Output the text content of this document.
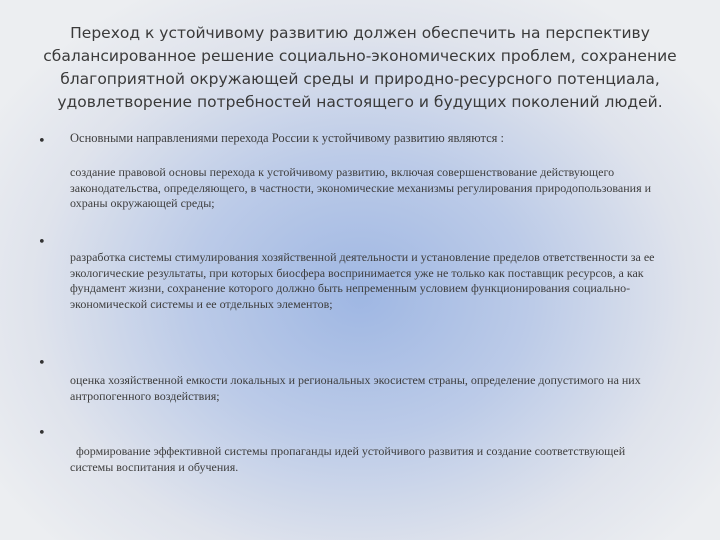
Переход к устойчивому развитию должен обеспечить на перспективу сбалансированное решение социально-экономических проблем, сохранение благоприятной окружающей среды и природно-ресурсного потенциала, удовлетворение потребностей настоящего и будущих поколений людей.
• Основными направлениями перехода России к устойчивому развитию являются :

создание правовой основы перехода к устойчивому развитию, включая совершенствование действующего законодательства, определяющего, в частности, экономические механизмы регулирования природопользования и охраны окружающей среды;

•

разработка системы стимулирования хозяйственной деятельности и установление пределов ответственности за ее экологические результаты, при которых биосфера воспринимается уже не только как поставщик ресурсов, а как фундамент жизни, сохранение которого должно быть непременным условием функционирования социально-экономической системы и ее отдельных элементов;

•

оценка хозяйственной емкости локальных и региональных экосистем страны, определение допустимого на них антропогенного воздействия;

•

формирование эффективной системы пропаганды идей устойчивого развития и создание соответствующей системы воспитания и обучения.
